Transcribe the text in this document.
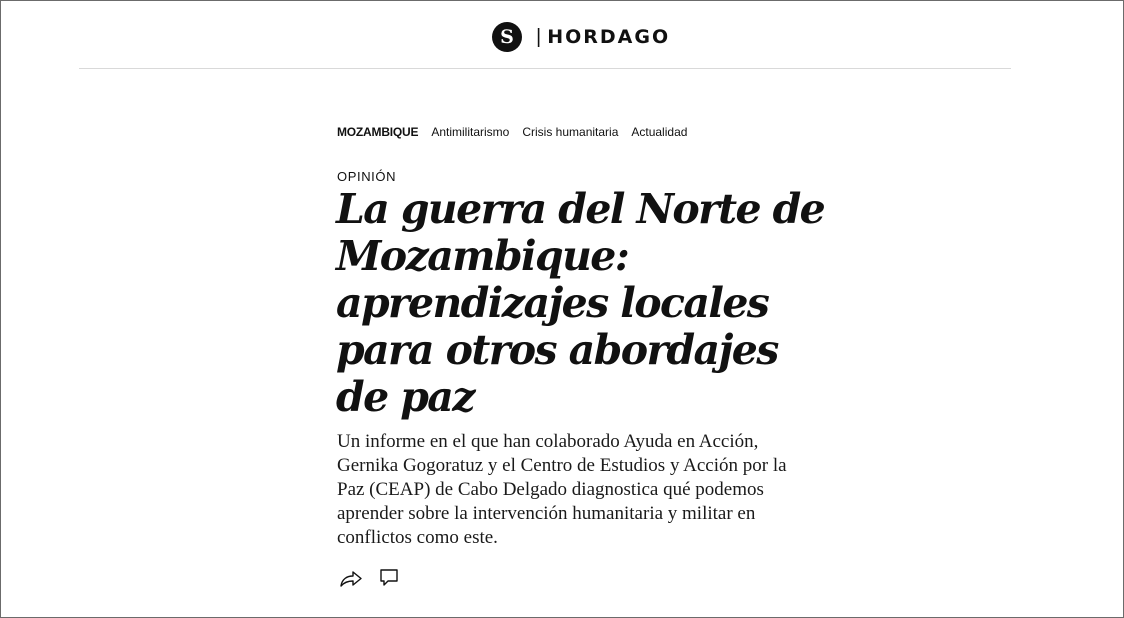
S	| HORDAGO
MOZAMBIQUE Antimilitarismo Crisis humanitaria Actualidad
OPINIÓN
La guerra del Norte de Mozambique: aprendizajes locales para otros abordajes de paz

Un informe en el que han colaborado Ayuda en Acción, Gernika Gogoratuz y el Centro de Estudios y Acción por la Paz (CEAP) de Cabo Delgado diagnostica qué podemos aprender sobre la intervención humanitaria y militar en conflictos como este.
